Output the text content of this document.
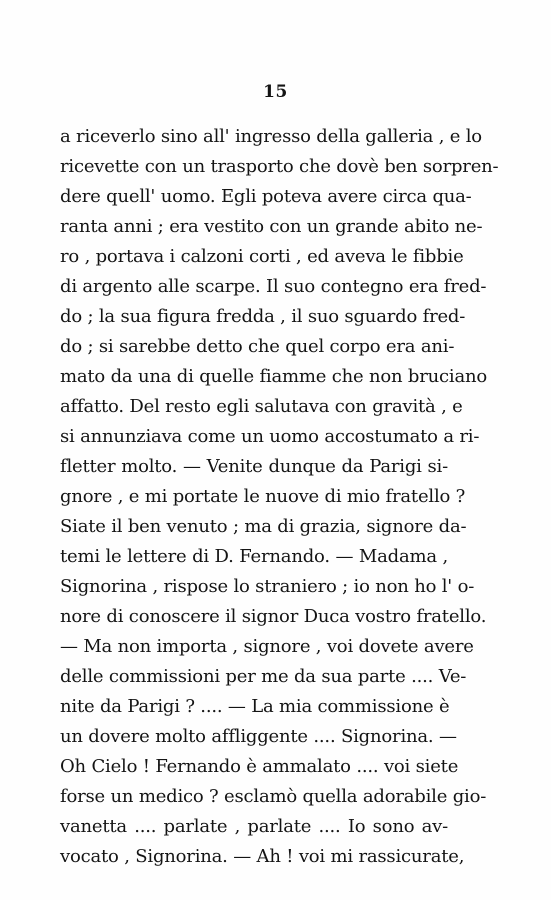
15
a riceverlo sino all' ingresso della galleria , e lo
ricevette con un trasporto che dovè ben sorpren-
dere quell' uomo. Egli poteva avere circa qua-
ranta anni ; era vestito con un grande abito ne-
ro , portava i calzoni corti , ed aveva le fibbie
di argento alle scarpe. Il suo contegno era fred-
do ; la sua figura fredda , il suo sguardo fred-
do ; si sarebbe detto che quel corpo era ani-
mato da una di quelle fiamme che non bruciano
affatto. Del resto egli salutava con gravità , e
si annunziava come un uomo accostumato a ri-
fletter molto. — Venite dunque da Parigi si-
gnore , e mi portate le nuove di mio fratello ?
Siate il ben venuto ; ma di grazia, signore da-
temi le lettere di D. Fernando. — Madama ,
Signorina , rispose lo straniero ; io non ho l' o-
nore di conoscere il signor Duca vostro fratello.
— Ma non importa , signore , voi dovete avere
delle commissioni per me da sua parte .... Ve-
nite da Parigi ? .... — La mia commissione è
un dovere molto affliggente .... Signorina. —
Oh Cielo ! Fernando è ammalato .... voi siete
forse un medico ? esclamò quella adorabile gio-
vanetta .... parlate , parlate .... Io sono av-
vocato , Signorina. — Ah ! voi mi rassicurate,
